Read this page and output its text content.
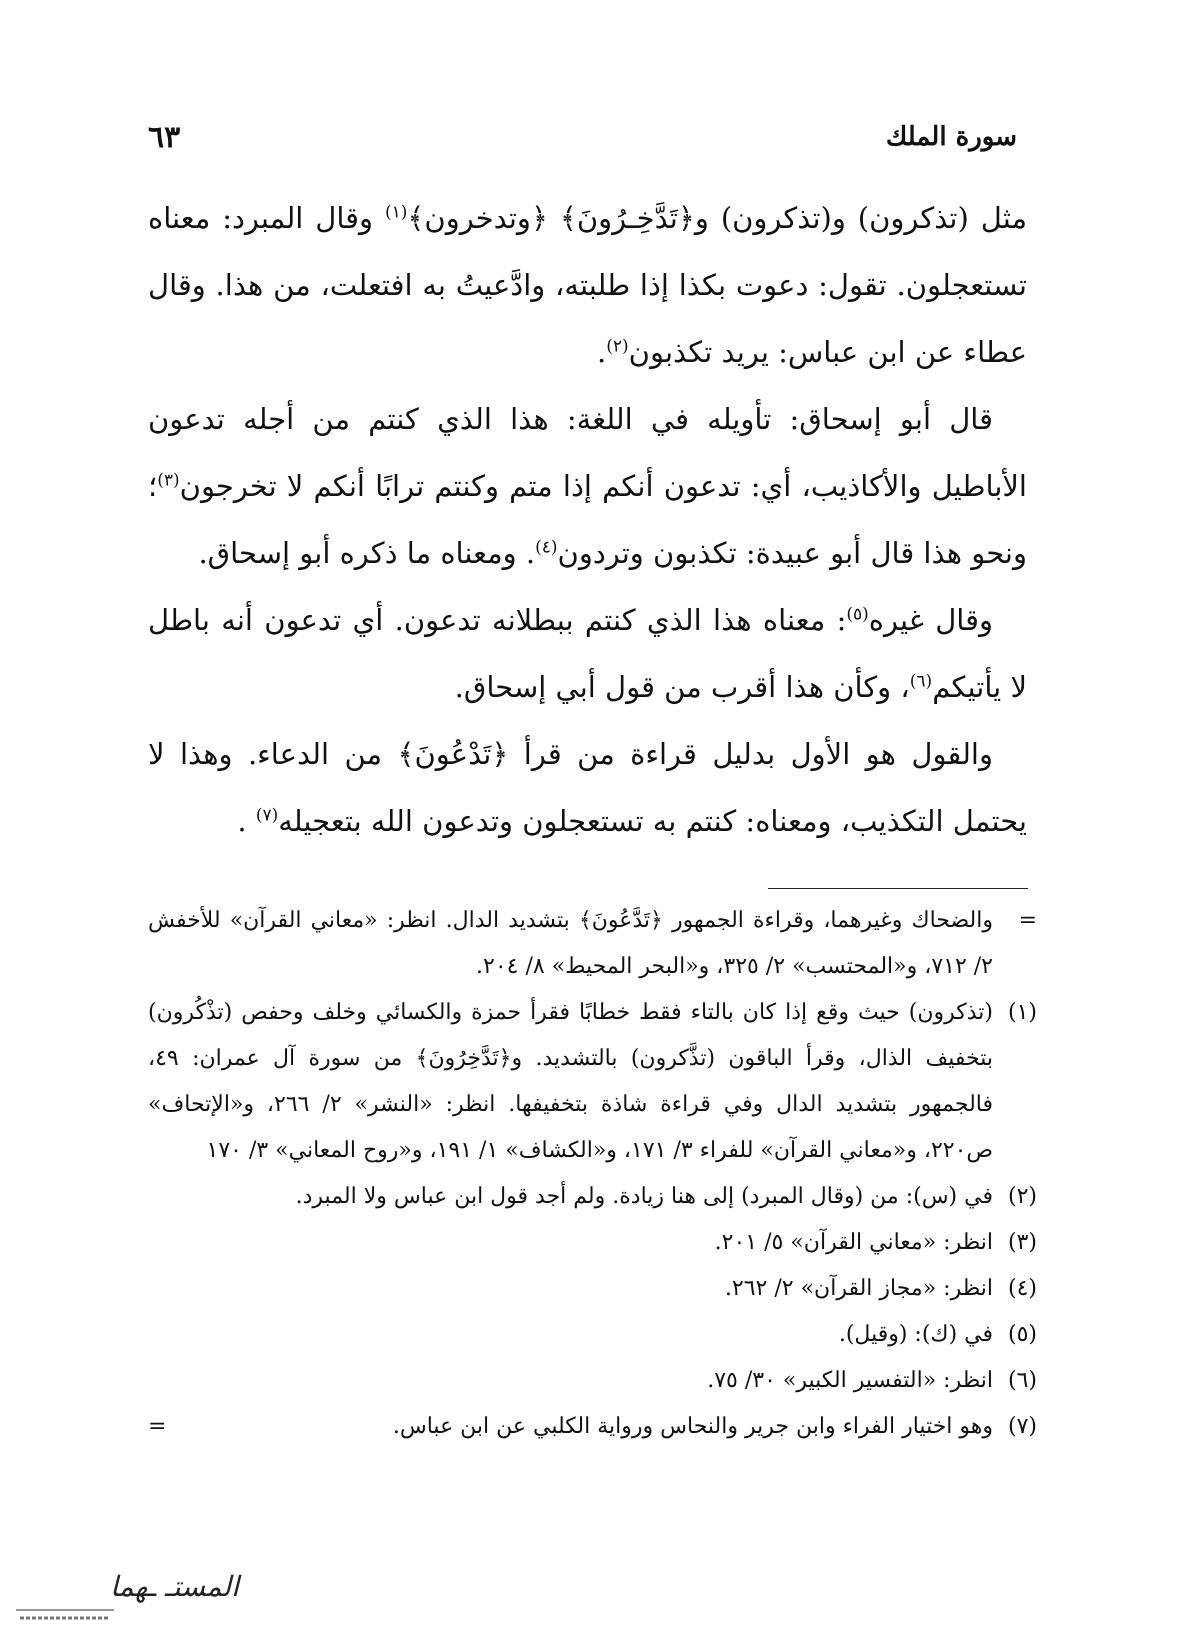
سورة الملك
٦٣

مثل (تذكرون) و(تذكرون) و﴿تَدَّخِـرُونَ﴾ ﴿وتدخرون﴾$^{(١)}$ وقال المبرد: معناه تستعجلون. تقول: دعوت بكذا إذا طلبته، وادَّعيتُ به افتعلت، من هذا. وقال عطاء عن ابن عباس: يريد تكذبون$^{(٢)}$.

قال أبو إسحاق: تأويله في اللغة: هذا الذي كنتم من أجله تدعون الأباطيل والأكاذيب، أي: تدعون أنكم إذا متم وكنتم ترابًا أنكم لا تخرجون$^{(٣)}$؛ ونحو هذا قال أبو عبيدة: تكذبون وتردون$^{(٤)}$. ومعناه ما ذكره أبو إسحاق.

وقال غيره$^{(٥)}$: معناه هذا الذي كنتم ببطلانه تدعون. أي تدعون أنه باطل لا يأتيكم$^{(٦)}$، وكأن هذا أقرب من قول أبي إسحاق.

والقول هو الأول بدليل قراءة من قرأ ﴿تَدْعُونَ﴾ من الدعاء. وهذا لا يحتمل التكذيب، ومعناه: كنتم به تستعجلون وتدعون الله بتعجيله$^{(٧)}$ .

=
والضحاك وغيرهما، وقراءة الجمهور ﴿تَدَّعُونَ﴾ بتشديد الدال. انظر: «معاني القرآن» للأخفش ٢/ ٧١٢، و«المحتسب» ٢/ ٣٢٥، و«البحر المحيط» ٨/ ٢٠٤.
(١)
(تذكرون) حيث وقع إذا كان بالتاء فقط خطابًا فقرأ حمزة والكسائي وخلف وحفص (تذْكُرون) بتخفيف الذال، وقرأ الباقون (تذَّكرون) بالتشديد. و﴿تَدَّخِرُونَ﴾ من سورة آل عمران: ٤٩، فالجمهور بتشديد الدال وفي قراءة شاذة بتخفيفها. انظر: «النشر» ٢/ ٢٦٦، و«الإتحاف» ص٢٢٠، و«معاني القرآن» للفراء ٣/ ١٧١، و«الكشاف» ١/ ١٩١، و«روح المعاني» ٣/ ١٧٠
(٢)
في (س): من (وقال المبرد) إلى هنا زيادة. ولم أجد قول ابن عباس ولا المبرد.
(٣)
انظر: «معاني القرآن» ٥/ ٢٠١.
(٤)
انظر: «مجاز القرآن» ٢/ ٢٦٢.
(٥)
في (ك): (وقيل).
(٦)
انظر: «التفسير الكبير» ٣٠/ ٧٥.
(٧)
وهو اختيار الفراء وابن جرير والنحاس ورواية الكلبي عن ابن عباس.
=
المستـ ـهما
